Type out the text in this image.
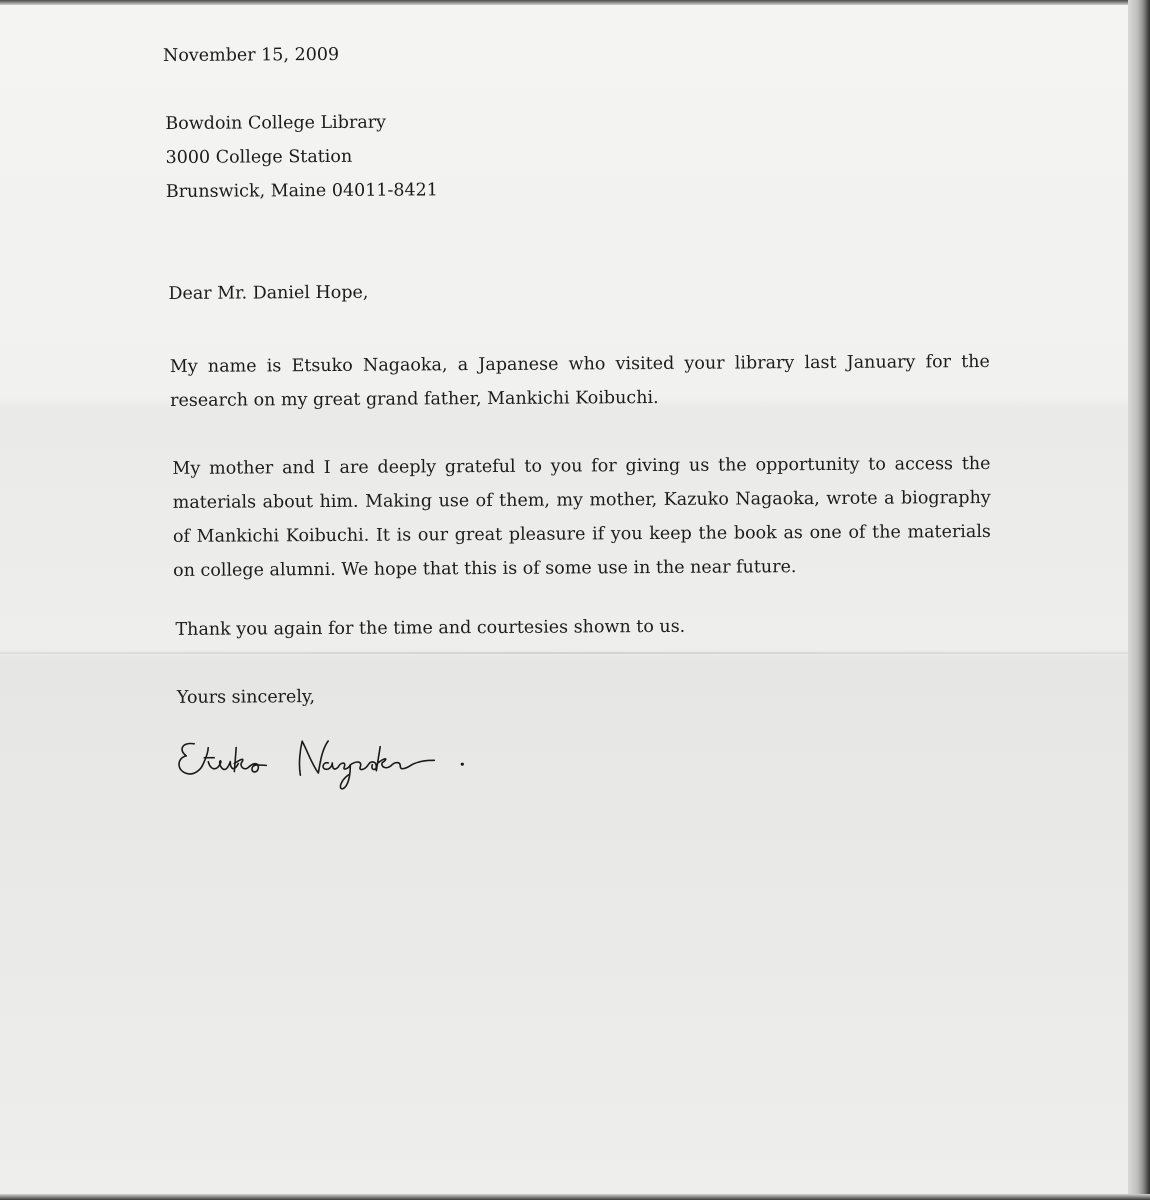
November 15, 2009

Bowdoin College Library

3000 College Station

Brunswick, Maine 04011-8421

Dear Mr. Daniel Hope,

My name is Etsuko Nagaoka, a Japanese who visited your library last January for the research on my great grand father, Mankichi Koibuchi.

My mother and I are deeply grateful to you for giving us the opportunity to access the materials about him. Making use of them, my mother, Kazuko Nagaoka, wrote a biography of Mankichi Koibuchi. It is our great pleasure if you keep the book as one of the materials on college alumni. We hope that this is of some use in the near future.

Thank you again for the time and courtesies shown to us.

Yours sincerely,
